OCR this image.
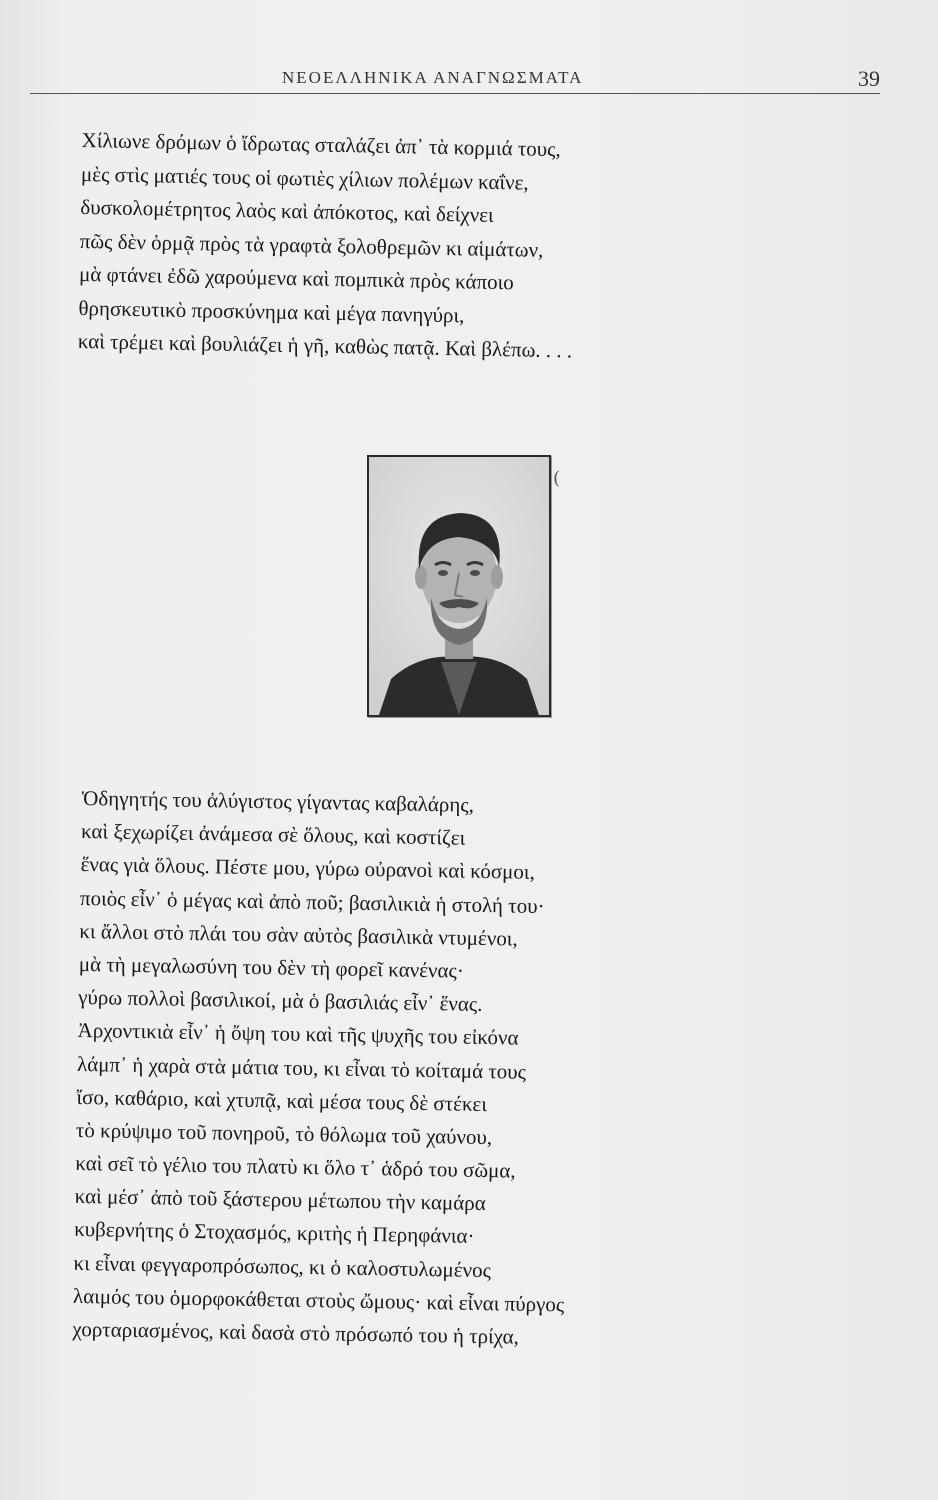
ΝΕΟΕΛΛΗΝΙΚΑ ΑΝΑΓΝΩΣΜΑΤΑ	39
Χίλιωνε δρόμων ὁ ἴδρωτας σταλάζει ἀπ᾽ τὰ κορμιά τους,
μὲς στὶς ματιές τους οἱ φωτιὲς χίλιων πολέμων καΐνε,
δυσκολομέτρητος λαὸς καὶ ἀπόκοτος, καὶ δείχνει
πῶς δὲν ὁρμᾷ πρὸς τὰ γραφτὰ ξολοθρεμῶν κι αἱμάτων,
μὰ φτάνει ἐδῶ χαρούμενα καὶ πομπικὰ πρὸς κάποιο
θρησκευτικὸ προσκύνημα καὶ μέγα πανηγύρι,
καὶ τρέμει καὶ βουλιάζει ἡ γῆ, καθὼς πατᾷ. Καὶ βλέπω. . . .
(
Ὁδηγητής του ἀλύγιστος γίγαντας καβαλάρης,
καὶ ξεχωρίζει ἀνάμεσα σὲ ὅλους, καὶ κοστίζει
ἕνας γιὰ ὅλους. Πέστε μου, γύρω οὐρανοὶ καὶ κόσμοι,
ποιὸς εἶν᾽ ὁ μέγας καὶ ἀπὸ ποῦ; βασιλικιὰ ἡ στολή του·
κι ἄλλοι στὸ πλάι του σὰν αὐτὸς βασιλικὰ ντυμένοι,
μὰ τὴ μεγαλωσύνη του δὲν τὴ φορεῖ κανένας·
γύρω πολλοὶ βασιλικοί, μὰ ὁ βασιλιάς εἶν᾽ ἕνας.
Ἀρχοντικιὰ εἶν᾽ ἡ ὄψη του καὶ τῆς ψυχῆς του εἰκόνα
λάμπ᾽ ἡ χαρὰ στὰ μάτια του, κι εἶναι τὸ κοίταμά τους
ἴσο, καθάριο, καὶ χτυπᾷ, καὶ μέσα τους δὲ στέκει
τὸ κρύψιμο τοῦ πονηροῦ, τὸ θόλωμα τοῦ χαύνου,
καὶ σεῖ τὸ γέλιο του πλατὺ κι ὅλο τ᾽ ἁδρό του σῶμα,
καὶ μέσ᾽ ἀπὸ τοῦ ξάστερου μέτωπου τὴν καμάρα
κυβερνήτης ὁ Στοχασμός, κριτὴς ἡ Περηφάνια·
κι εἶναι φεγγαροπρόσωπος, κι ὁ καλοστυλωμένος
λαιμός του ὁμορφοκάθεται στοὺς ὤμους· καὶ εἶναι πύργος
χορταριασμένος, καὶ δασὰ στὸ πρόσωπό του ἡ τρίχα,
